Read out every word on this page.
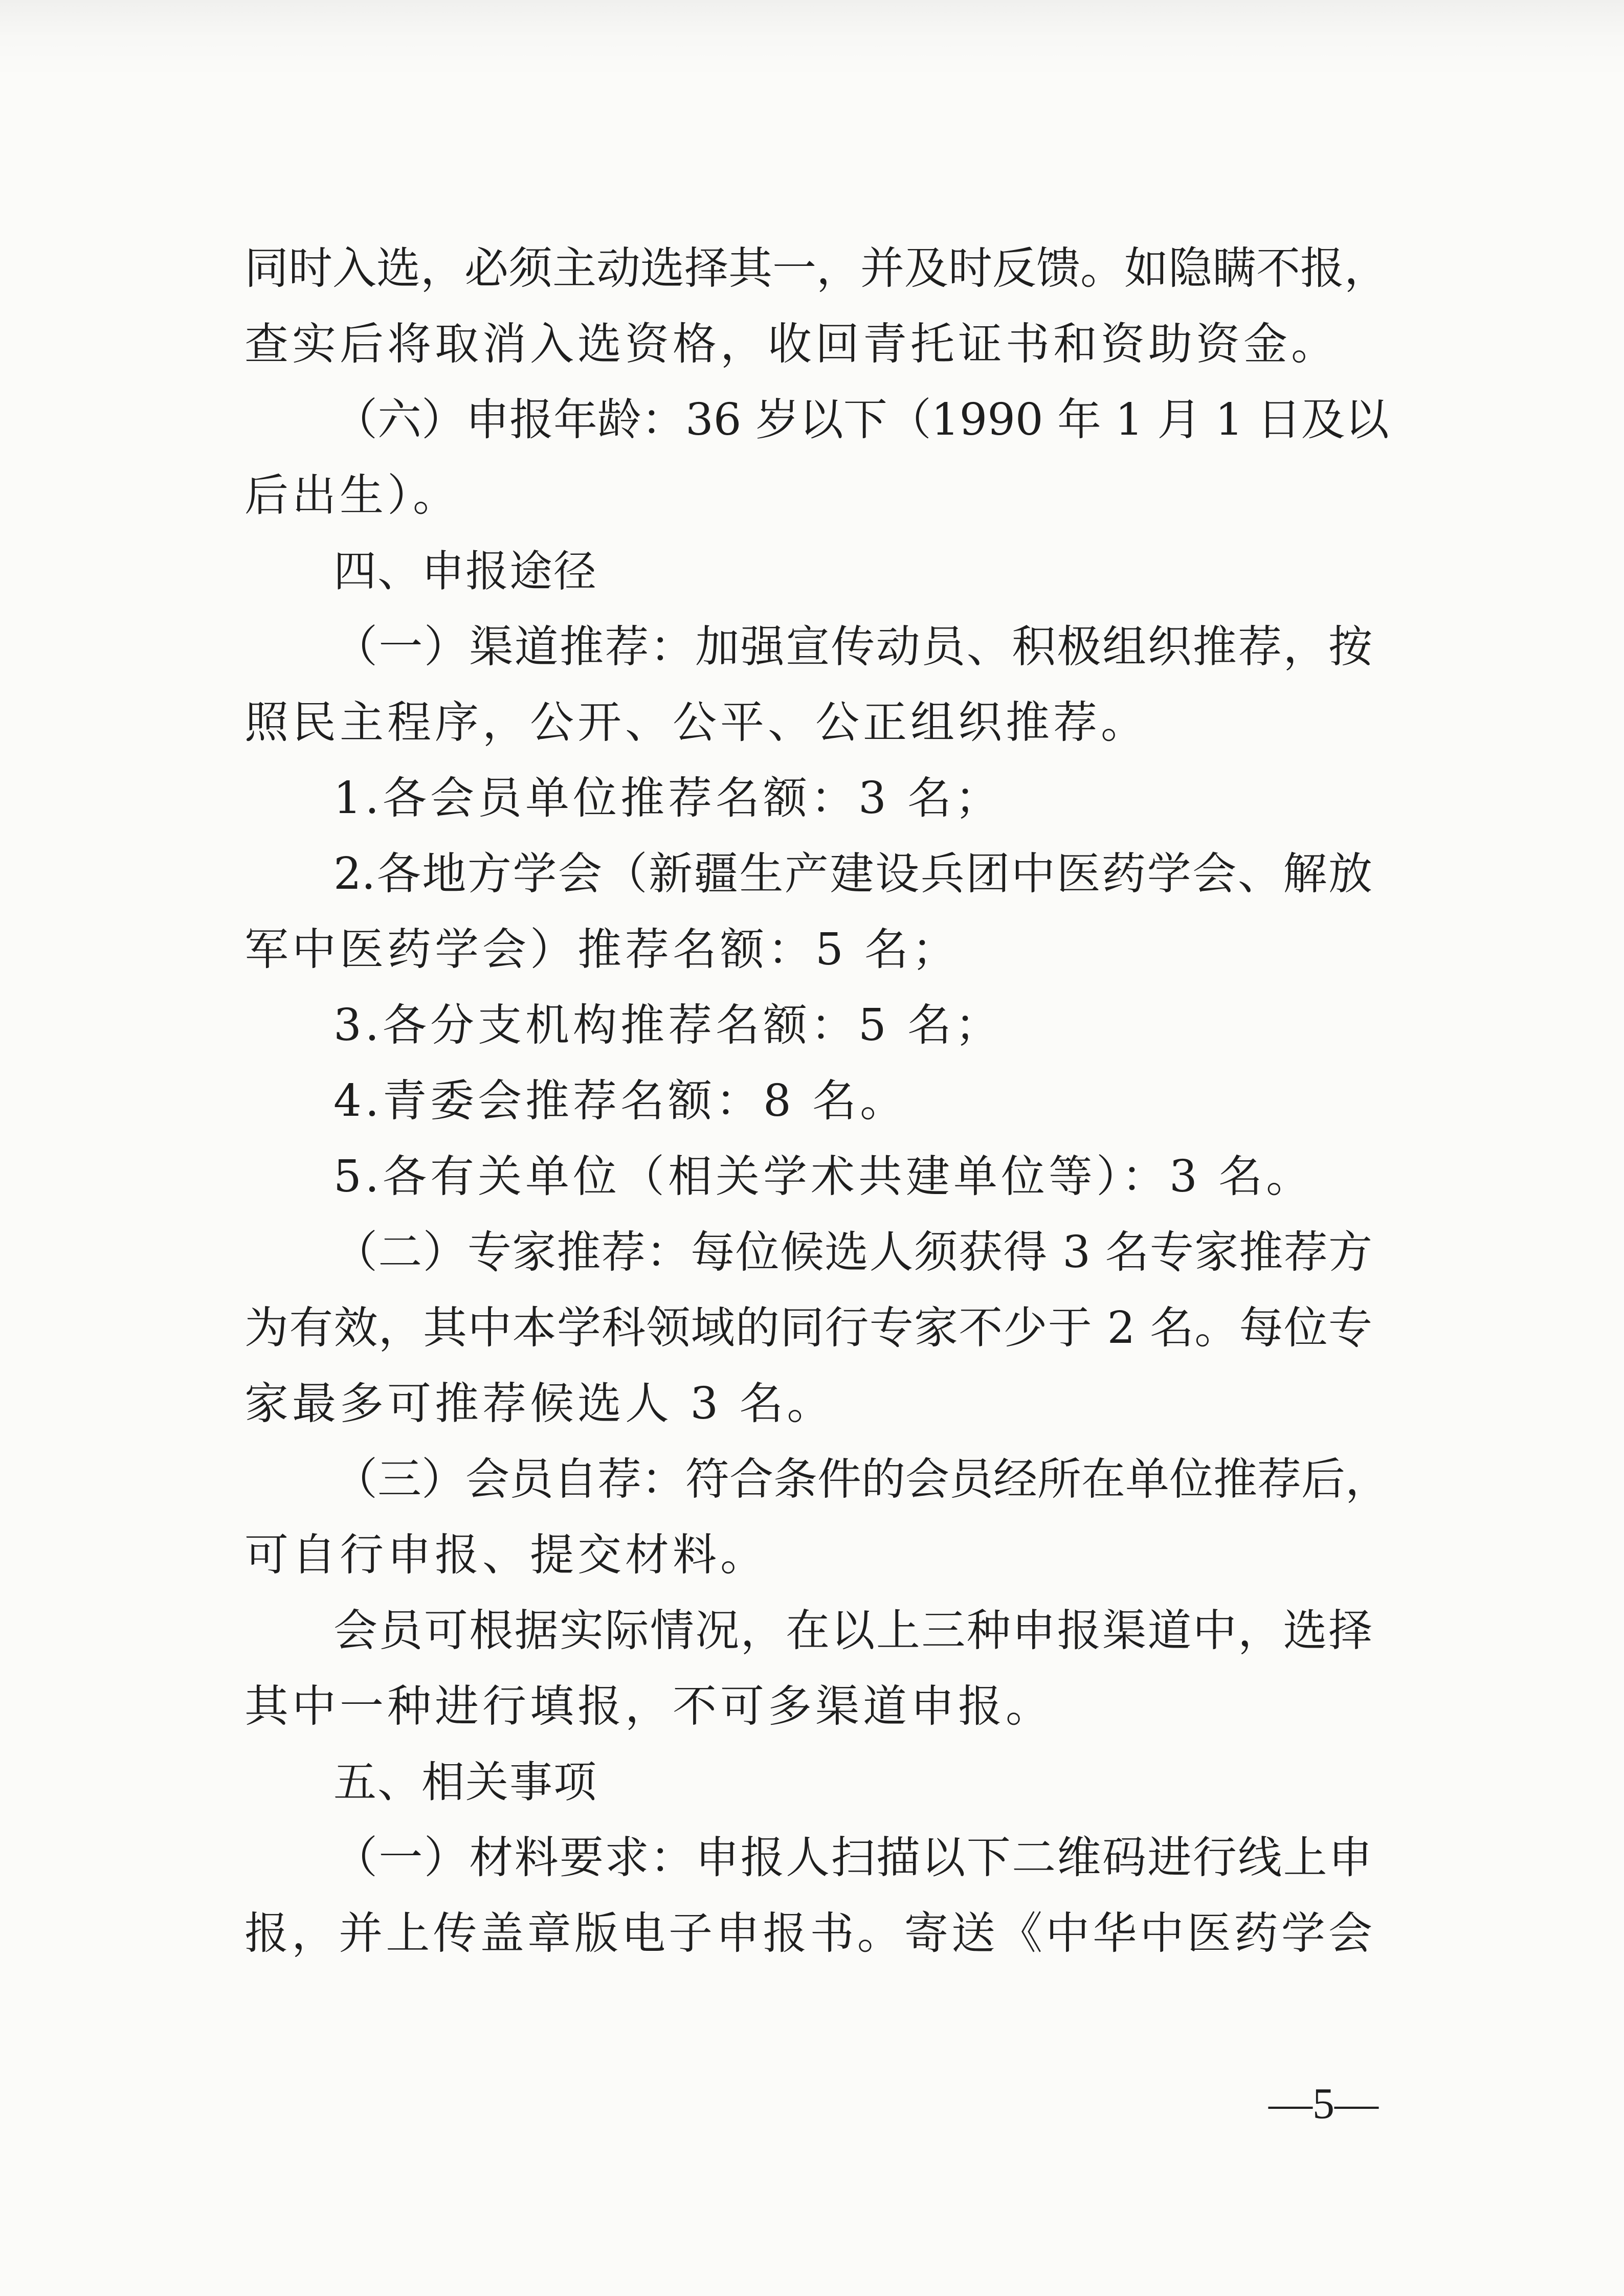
同时入选，必须主动选择其一，并及时反馈。如隐瞒不报，
查实后将取消入选资格，收回青托证书和资助资金。
（六）申报年龄：36 岁以下（1990 年 1 月 1 日及以
后出生）。
四、申报途径
（一）渠道推荐：加强宣传动员、积极组织推荐，按
照民主程序，公开、公平、公正组织推荐。
1.各会员单位推荐名额：3 名；
2.各地方学会（新疆生产建设兵团中医药学会、解放
军中医药学会）推荐名额：5 名；
3.各分支机构推荐名额：5 名；
4.青委会推荐名额：8 名。
5.各有关单位（相关学术共建单位等）：3 名。
（二）专家推荐：每位候选人须获得 3 名专家推荐方
为有效，其中本学科领域的同行专家不少于 2 名。每位专
家最多可推荐候选人 3 名。
（三）会员自荐：符合条件的会员经所在单位推荐后，
可自行申报、提交材料。
会员可根据实际情况，在以上三种申报渠道中，选择
其中一种进行填报，不可多渠道申报。
五、相关事项
（一）材料要求：申报人扫描以下二维码进行线上申
报，并上传盖章版电子申报书。寄送《中华中医药学会
—5—
